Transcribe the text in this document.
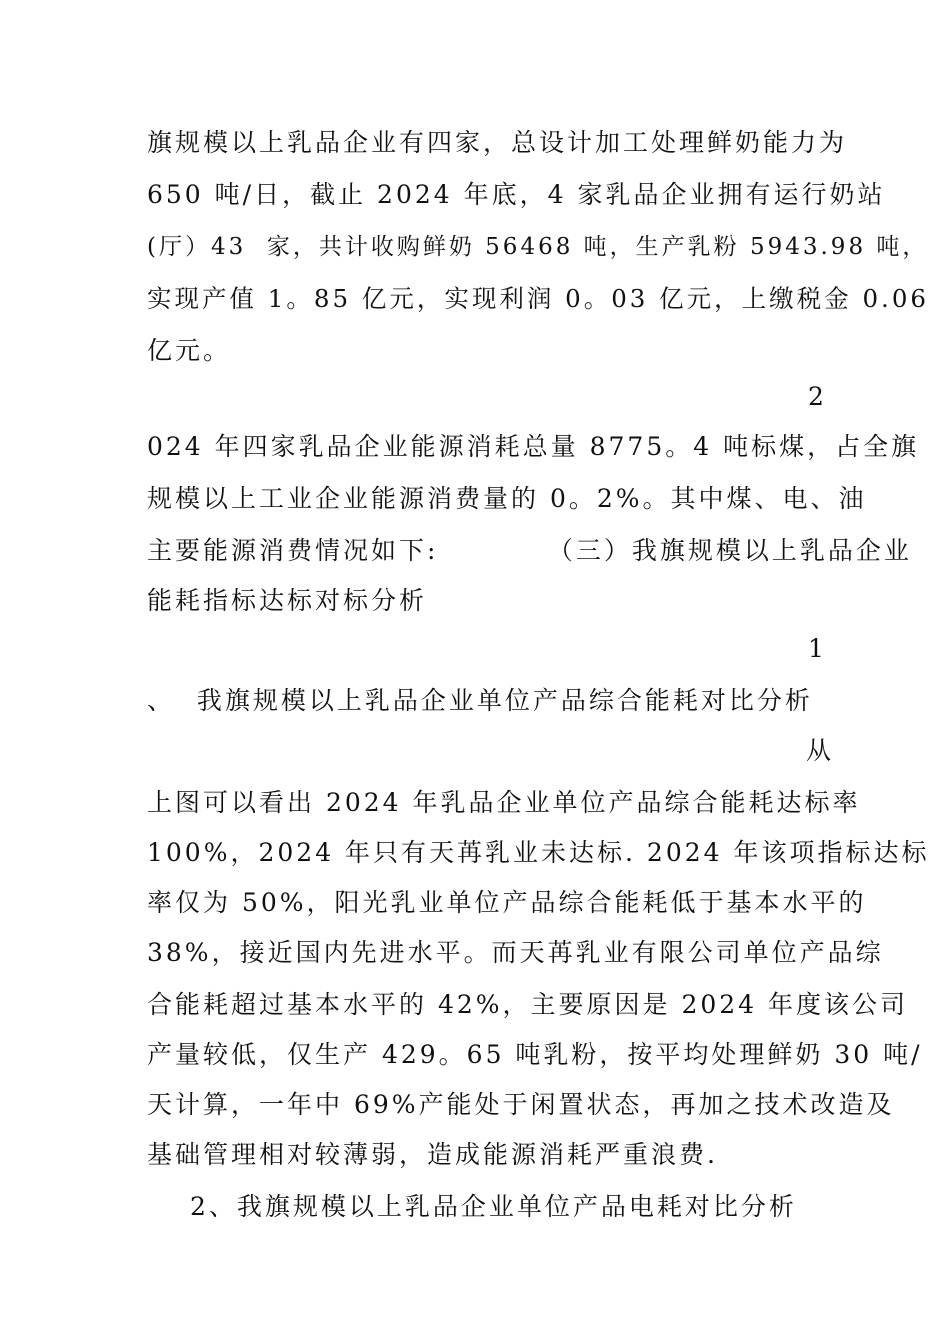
旗规模以上乳品企业有四家，总设计加工处理鲜奶能力为
650 吨/日，截止 2024 年底，4 家乳品企业拥有运行奶站
(厅）43  家，共计收购鲜奶 56468 吨，生产乳粉 5943.98 吨，
实现产值 1。85 亿元，实现利润 0。03 亿元，上缴税金 0.06
亿元。
2
024 年四家乳品企业能源消耗总量 8775。4 吨标煤，占全旗
规模以上工业企业能源消费量的 0。2%。其中煤、电、油
主要能源消费情况如下:          （三）我旗规模以上乳品企业
能耗指标达标对标分析
1
、  我旗规模以上乳品企业单位产品综合能耗对比分析
从
上图可以看出 2024 年乳品企业单位产品综合能耗达标率
100%，2024 年只有天苒乳业未达标. 2024 年该项指标达标
率仅为 50%，阳光乳业单位产品综合能耗低于基本水平的
38%，接近国内先进水平。而天苒乳业有限公司单位产品综
合能耗超过基本水平的 42%，主要原因是 2024 年度该公司
产量较低，仅生产 429。65 吨乳粉，按平均处理鲜奶 30 吨/
天计算，一年中 69%产能处于闲置状态，再加之技术改造及
基础管理相对较薄弱，造成能源消耗严重浪费.
2、我旗规模以上乳品企业单位产品电耗对比分析
